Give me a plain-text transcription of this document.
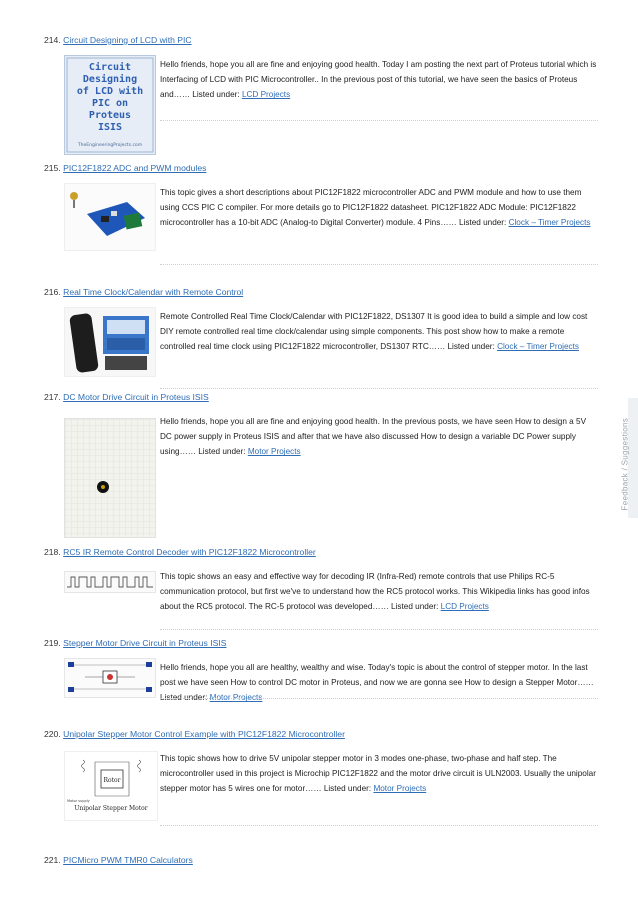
214. Circuit Designing of LCD with PIC
Circuit
Designing
of LCD with
PIC on
Proteus
ISIS
TheEngineeringProjects.com
Hello friends, hope you all are fine and enjoying good health. Today I am posting the next part of Proteus tutorial which is Interfacing of LCD with PIC Microcontroller.. In the previous post of this tutorial, we have seen the basics of Proteus and…… Listed under: LCD Projects
215. PIC12F1822 ADC and PWM modules
This topic gives a short descriptions about PIC12F1822 microcontroller ADC and PWM module and how to use them using CCS PIC C compiler. For more details go to PIC12F1822 datasheet. PIC12F1822 ADC Module: PIC12F1822 microcontroller has a 10-bit ADC (Analog-to Digital Converter) module. 4 Pins…… Listed under: Clock – Timer Projects
216. Real Time Clock/Calendar with Remote Control
Remote Controlled Real Time Clock/Calendar with PIC12F1822, DS1307 It is good idea to build a simple and low cost DIY remote controlled real time clock/calendar using simple components. This post show how to make a remote controlled real time clock using PIC12F1822 microcontroller, DS1307 RTC…… Listed under: Clock – Timer Projects
217. DC Motor Drive Circuit in Proteus ISIS
Hello friends, hope you all are fine and enjoying good health. In the previous posts, we have seen How to design a 5V DC power supply in Proteus ISIS and after that we have also discussed How to design a variable DC Power supply using…… Listed under: Motor Projects
218. RC5 IR Remote Control Decoder with PIC12F1822 Microcontroller
This topic shows an easy and effective way for decoding IR (Infra-Red) remote controls that use Philips RC-5 communication protocol, but first we've to understand how the RC5 protocol works. This Wikipedia links has good infos about the RC5 protocol. The RC-5 protocol was developed…… Listed under: LCD Projects
219. Stepper Motor Drive Circuit in Proteus ISIS
Hello friends, hope you all are healthy, wealthy and wise. Today's topic is about the control of stepper motor. In the last post we have seen How to control DC motor in Proteus, and now we are gonna see How to design a Stepper Motor…… Listed under: Motor Projects
220. Unipolar Stepper Motor Control Example with PIC12F1822 Microcontroller
Rotor
Unipolar Stepper Motor
Motor supply
This topic shows how to drive 5V unipolar stepper motor in 3 modes one-phase, two-phase and half step. The microcontroller used in this project is Microchip PIC12F1822 and the motor drive circuit is ULN2003. Usually the unipolar stepper motor has 5 wires one for motor…… Listed under: Motor Projects
221. PICMicro PWM TMR0 Calculators
Feedback / Suggestions
